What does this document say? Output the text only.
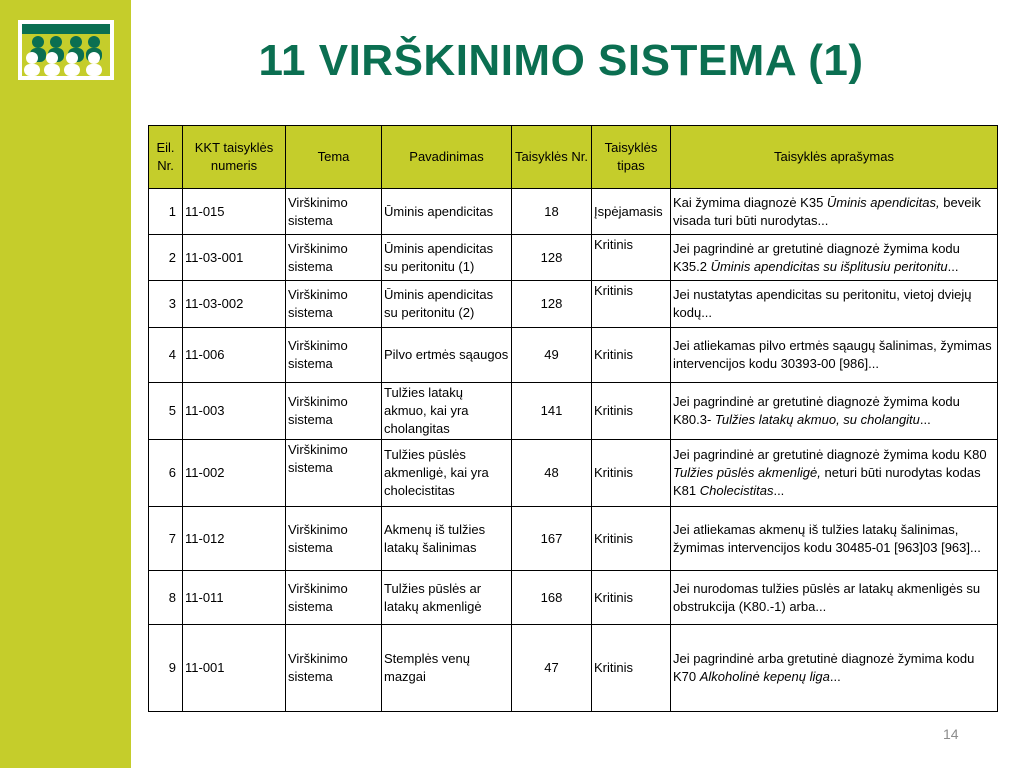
11 VIRŠKINIMO SISTEMA (1)
Eil. Nr.	KKT taisyklės numeris	Tema	Pavadinimas	Taisyklės Nr.	Taisyklės tipas	Taisyklės aprašymas
1	11-015	Virškinimo sistema	Ūminis apendicitas	18	Įspėjamasis	Kai žymima diagnozė K35 Ūminis apendicitas, beveik visada turi būti nurodytas...
2	11-03-001	Virškinimo sistema	Ūminis apendicitas su peritonitu (1)	128	Kritinis	Jei pagrindinė ar gretutinė diagnozė žymima kodu K35.2 Ūminis apendicitas su išplitusiu peritonitu...
3	11-03-002	Virškinimo sistema	Ūminis apendicitas su peritonitu (2)	128	Kritinis	Jei nustatytas apendicitas su peritonitu, vietoj dviejų kodų...
4	11-006	Virškinimo sistema	Pilvo ertmės sąaugos	49	Kritinis	Jei atliekamas pilvo ertmės sąaugų šalinimas, žymimas intervencijos kodu 30393-00 [986]...
5	11-003	Virškinimo sistema	Tulžies latakų akmuo, kai yra cholangitas	141	Kritinis	Jei pagrindinė ar gretutinė diagnozė žymima kodu K80.3- Tulžies latakų akmuo, su cholangitu...
6	11-002	Virškinimo sistema	Tulžies pūslės akmenligė, kai yra cholecistitas	48	Kritinis	Jei pagrindinė ar gretutinė diagnozė žymima kodu K80 Tulžies pūslės akmenligė, neturi būti nurodytas kodas K81 Cholecistitas...
7	11-012	Virškinimo sistema	Akmenų iš tulžies latakų šalinimas	167	Kritinis	Jei atliekamas akmenų iš tulžies latakų šalinimas, žymimas intervencijos kodu 30485-01 [963]03 [963]...
8	11-011	Virškinimo sistema	Tulžies pūslės ar latakų akmenligė	168	Kritinis	Jei nurodomas tulžies pūslės ar latakų akmenligės su obstrukcija (K80.-1) arba...
9	11-001	Virškinimo sistema	Stemplės venų mazgai	47	Kritinis	Jei pagrindinė arba gretutinė diagnozė žymima kodu K70 Alkoholinė kepenų liga...
14
